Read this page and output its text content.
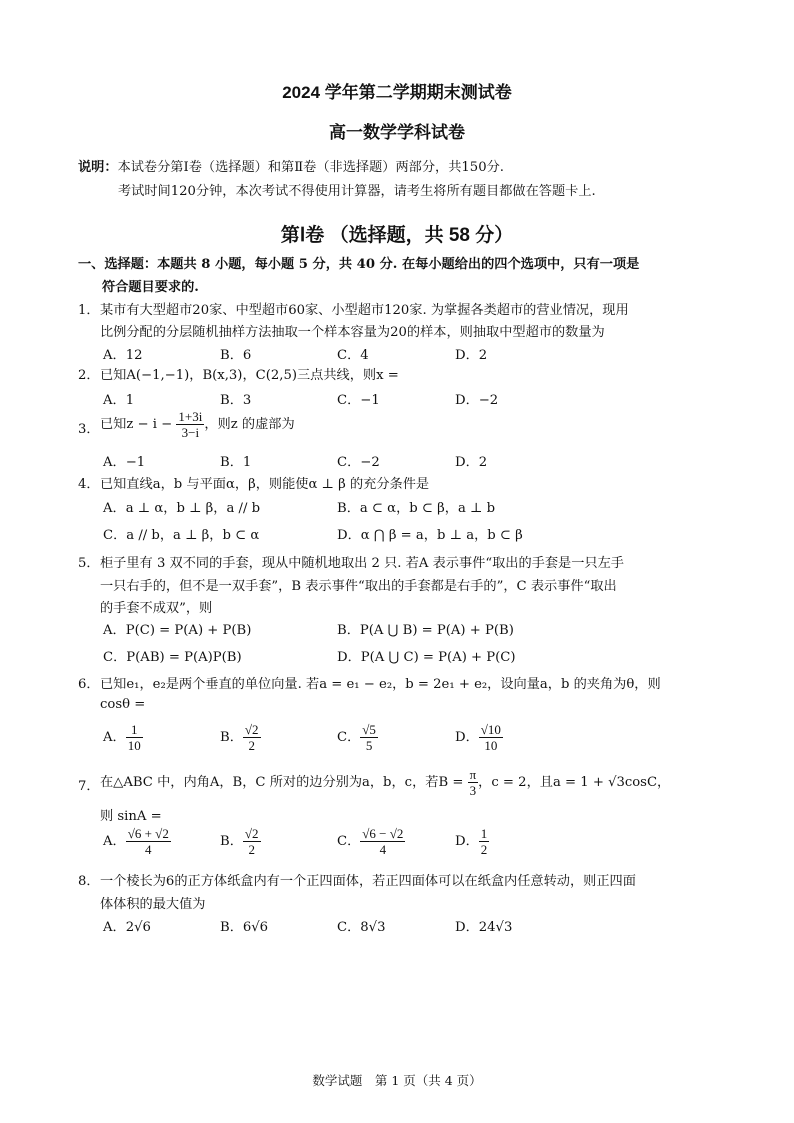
2024 学年第二学期期末测试卷
高一数学学科试卷
说明：本试卷分第Ⅰ卷（选择题）和第Ⅱ卷（非选择题）两部分，共150分.
考试时间120分钟，本次考试不得使用计算器，请考生将所有题目都做在答题卡上.
第Ⅰ卷 （选择题，共 58 分）
一、选择题：本题共 8 小题，每小题 5 分，共 40 分. 在每小题给出的四个选项中，只有一项是
符合题目要求的.
1． 某市有大型超市20家、中型超市60家、小型超市120家. 为掌握各类超市的营业情况，现用
比例分配的分层随机抽样方法抽取一个样本容量为20的样本，则抽取中型超市的数量为
A．12	B．6	C．4	D．2
2． 已知A(−1,−1)，B(x,3)，C(2,5)三点共线，则x =
A．1	B．3	C．−1	D．−2
3． 已知$z - i - \frac{1+3i}{3-i}$ ，则z 的虚部为
A．−1	B．1	C．−2	D．2
4． 已知直线a，b 与平面α，β，则能使α ⊥ β 的充分条件是
A．a ⊥ α，b ⊥ β，a // b	B．a ⊂ α，b ⊂ β，a ⊥ b
C．a // b，a ⊥ β，b ⊂ α	D．α ⋂ β = a，b ⊥ a，b ⊂ β
5． 柜子里有 3 双不同的手套，现从中随机地取出 2 只. 若A 表示事件“取出的手套是一只左手
一只右手的，但不是一双手套”，B 表示事件“取出的手套都是右手的”，C 表示事件“取出
的手套不成双”，则
A．P(C) = P(A) + P(B)	B．P(A ⋃ B) = P(A) + P(B)
C．P(AB) = P(A)P(B)	D．P(A ⋃ C) = P(A) + P(C)
6． 已知e₁，e₂是两个垂直的单位向量. 若a = e₁ − e₂，b = 2e₁ + e₂，设向量a，b 的夹角为θ，则
cosθ =
A． $\frac{1}{10}$	B． $\frac{√2}{2}$	C． $\frac{√5}{5}$	D． $\frac{√10}{10}$
7． 在△ABC 中，内角A，B，C 所对的边分别为a，b，c，若$B = \frac{\pi}{3}$ ，c = 2，且a = 1 + √3cosC，
则 sinA =
A． $\frac{√6 + √2}{4}$	B． $\frac{√2}{2}$	C． $\frac{√6 - √2}{4}$	D． $\frac{1}{2}$
8． 一个棱长为6的正方体纸盒内有一个正四面体，若正四面体可以在纸盒内任意转动，则正四面
体体积的最大值为
A．2√6	B．6√6	C．8√3	D．24√3
数学试题　第 1 页（共 4 页）
